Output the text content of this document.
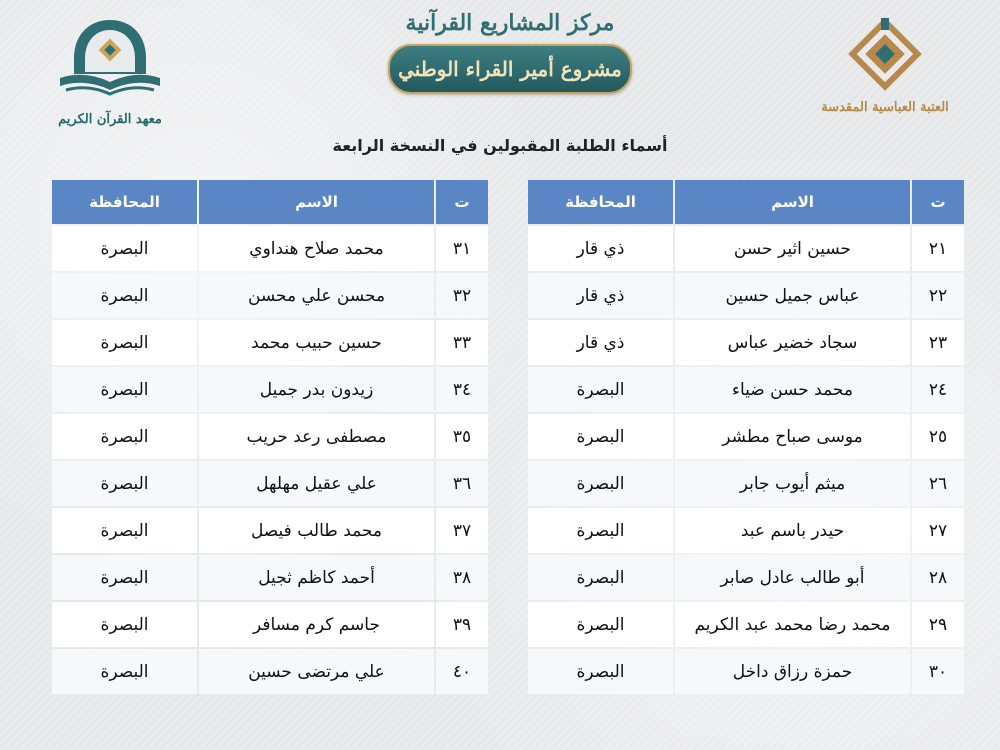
معهد القرآن الكريم
مركز المشاريع القرآنية
مشروع أمير القراء الوطني
العتبة العباسية المقدسة
أسماء الطلبة المقبولين في النسخة الرابعة
ت	الاسم	المحافظة
٢١	حسين اثير حسن	ذي قار
٢٢	عباس جميل حسين	ذي قار
٢٣	سجاد خضير عباس	ذي قار
٢٤	محمد حسن ضياء	البصرة
٢٥	موسى صباح مطشر	البصرة
٢٦	ميثم أيوب جابر	البصرة
٢٧	حيدر باسم عبد	البصرة
٢٨	أبو طالب عادل صابر	البصرة
٢٩	محمد رضا محمد عبد الكريم	البصرة
٣٠	حمزة رزاق داخل	البصرة
ت	الاسم	المحافظة
٣١	محمد صلاح هنداوي	البصرة
٣٢	محسن علي محسن	البصرة
٣٣	حسين حبيب محمد	البصرة
٣٤	زيدون بدر جميل	البصرة
٣٥	مصطفى رعد حريب	البصرة
٣٦	علي عقيل مهلهل	البصرة
٣٧	محمد طالب فيصل	البصرة
٣٨	أحمد كاظم ثجيل	البصرة
٣٩	جاسم كرم مسافر	البصرة
٤٠	علي مرتضى حسين	البصرة
